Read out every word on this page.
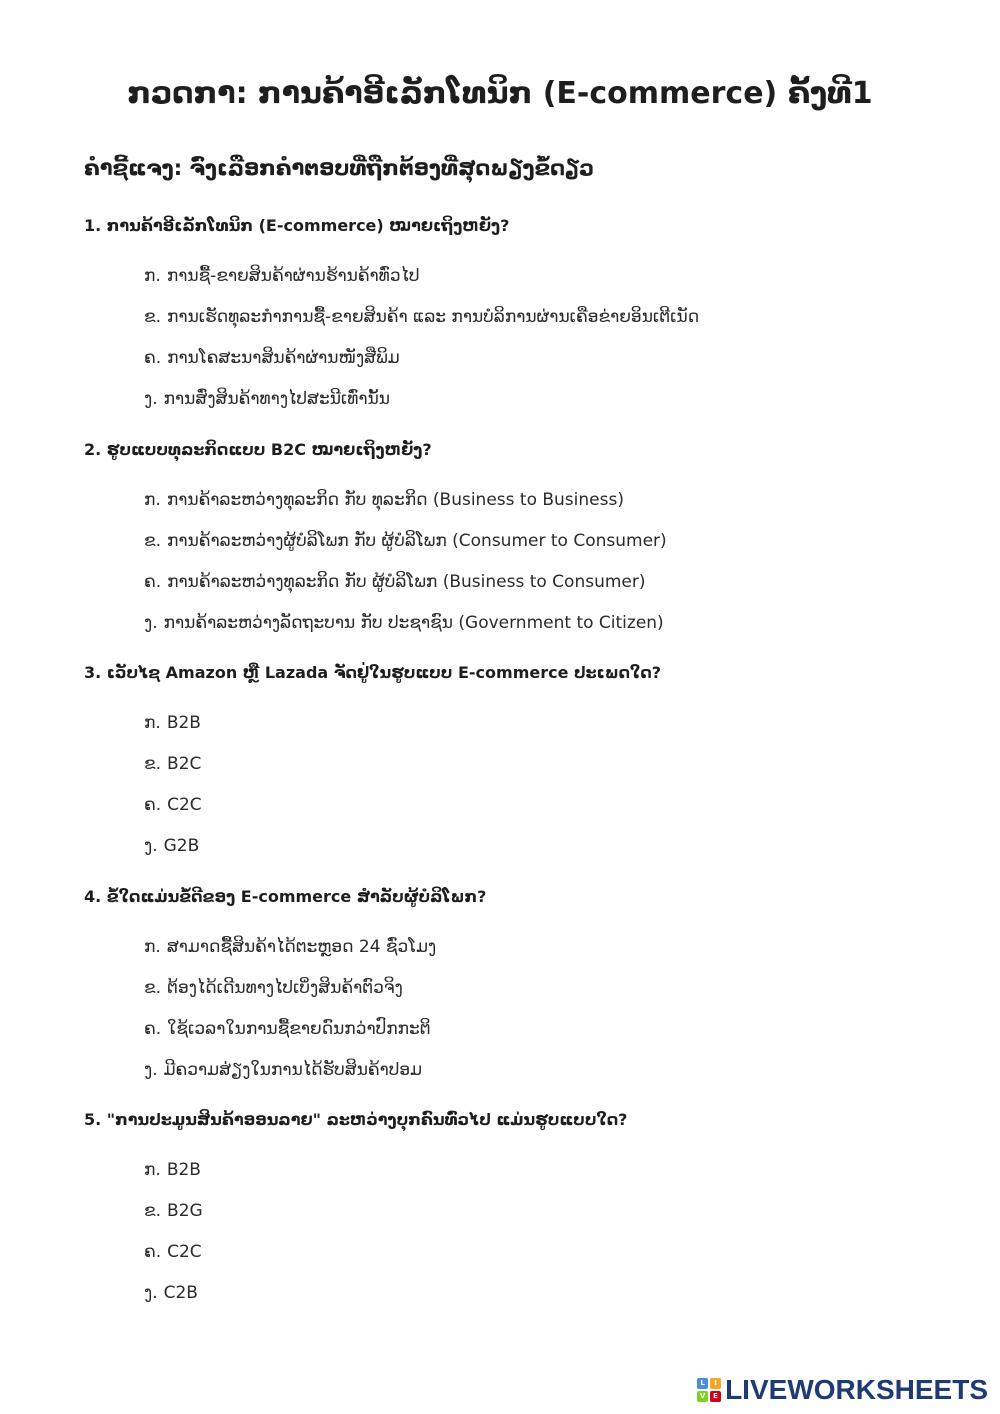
ກວດກາ: ການຄ້າອີເລັກໂທນິກ (E-commerce) ຄັ້ງທີ1
ຄຳຊີ້ແຈງ: ຈົ່ງເລືອກຄຳຕອບທີ່ຖືກຕ້ອງທີ່ສຸດພຽງຂໍ້ດຽວ

1. ການຄ້າອີເລັກໂທນິກ (E-commerce) ໝາຍເຖິງຫຍັງ?

ກ. ການຊື້-ຂາຍສິນຄ້າຜ່ານຮ້ານຄ້າທົ່ວໄປ
ຂ. ການເຮັດທຸລະກຳການຊື້-ຂາຍສິນຄ້າ ແລະ ການບໍລິການຜ່ານເຄືອຂ່າຍອິນເຕີເນັດ
ຄ. ການໂຄສະນາສິນຄ້າຜ່ານໜັງສືພິມ
ງ. ການສົ່ງສິນຄ້າທາງໄປສະນີເທົ່ານັ້ນ

2. ຮູບແບບທຸລະກິດແບບ B2C ໝາຍເຖິງຫຍັງ?

ກ. ການຄ້າລະຫວ່າງທຸລະກິດ ກັບ ທຸລະກິດ (Business to Business)
ຂ. ການຄ້າລະຫວ່າງຜູ້ບໍລິໂພກ ກັບ ຜູ້ບໍລິໂພກ (Consumer to Consumer)
ຄ. ການຄ້າລະຫວ່າງທຸລະກິດ ກັບ ຜູ້ບໍລິໂພກ (Business to Consumer)
ງ. ການຄ້າລະຫວ່າງລັດຖະບານ ກັບ ປະຊາຊົນ (Government to Citizen)

3. ເວັບໄຊ Amazon ຫຼື Lazada ຈັດຢູ່ໃນຮູບແບບ E-commerce ປະເພດໃດ?

ກ. B2B
ຂ. B2C
ຄ. C2C
ງ. G2B

4. ຂໍ້ໃດແມ່ນຂໍ້ດີຂອງ E-commerce ສຳລັບຜູ້ບໍລິໂພກ?

ກ. ສາມາດຊື້ສິນຄ້າໄດ້ຕະຫຼອດ 24 ຊົ່ວໂມງ
ຂ. ຕ້ອງໄດ້ເດີນທາງໄປເບິ່ງສິນຄ້າຕົວຈິງ
ຄ. ໃຊ້ເວລາໃນການຊື້ຂາຍດົນກວ່າປົກກະຕິ
ງ. ມີຄວາມສ່ຽງໃນການໄດ້ຮັບສິນຄ້າປອມ

5. "ການປະມູນສິນຄ້າອອນລາຍ" ລະຫວ່າງບຸກຄົນທົ່ວໄປ ແມ່ນຮູບແບບໃດ?

ກ. B2B
ຂ. B2G
ຄ. C2C
ງ. C2B
L	I
V	E LIVEWORKSHEETS
